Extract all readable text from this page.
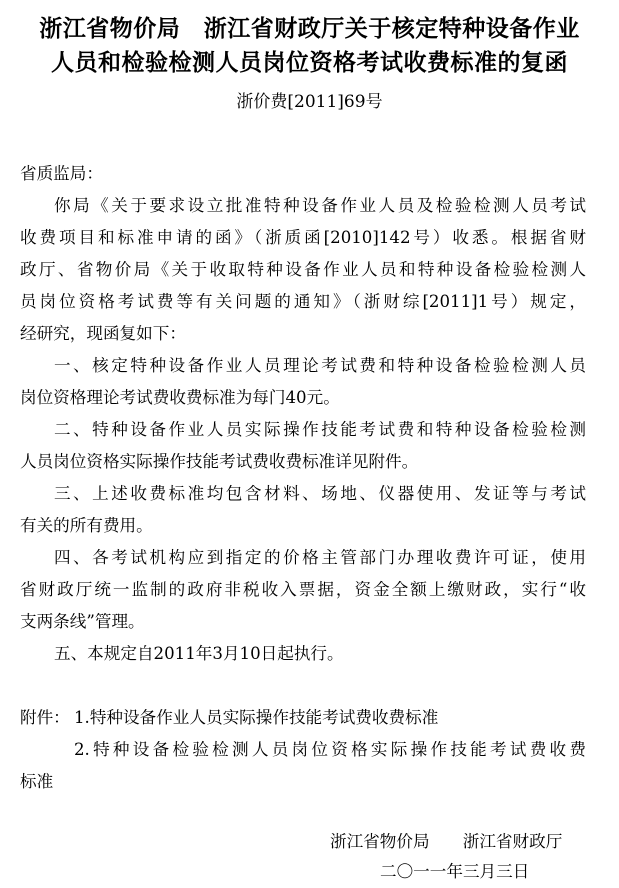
浙江省物价局　浙江省财政厅关于核定特种设备作业
人员和检验检测人员岗位资格考试收费标准的复函
浙价费[2011]69号
省质监局：
你局《关于要求设立批准特种设备作业人员及检验检测人员考试
收费项目和标准申请的函》（浙质函[2010]142号）收悉。根据省财
政厅、省物价局《关于收取特种设备作业人员和特种设备检验检测人
员岗位资格考试费等有关问题的通知》（浙财综[2011]1号）规定，
经研究，现函复如下：
一、核定特种设备作业人员理论考试费和特种设备检验检测人员
岗位资格理论考试费收费标准为每门40元。
二、特种设备作业人员实际操作技能考试费和特种设备检验检测
人员岗位资格实际操作技能考试费收费标准详见附件。
三、上述收费标准均包含材料、场地、仪器使用、发证等与考试
有关的所有费用。
四、各考试机构应到指定的价格主管部门办理收费许可证，使用
省财政厅统一监制的政府非税收入票据，资金全额上缴财政，实行“收
支两条线”管理。
五、本规定自2011年3月10日起执行。
附件： 1.特种设备作业人员实际操作技能考试费收费标准
2.特种设备检验检测人员岗位资格实际操作技能考试费收费
标准
浙江省物价局　　浙江省财政厅
二〇一一年三月三日
